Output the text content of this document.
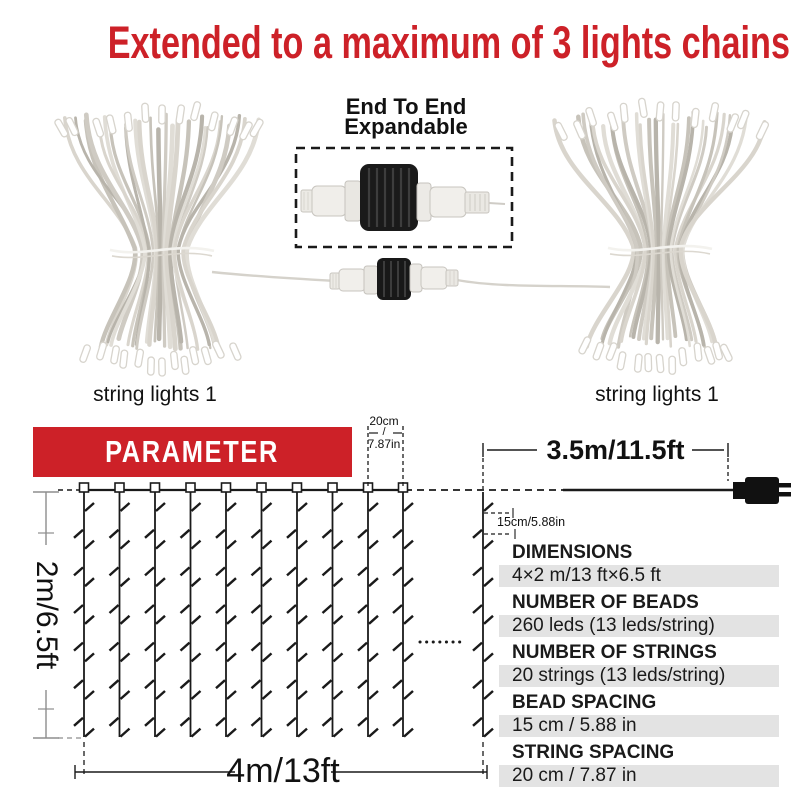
Extended to a maximum of 3 lights chains
End To End
Expandable
string lights 1	string lights 1
PARAMETER
20cm
/
7.87in	3.5m/11.5ft
15cm/5.88in
2m/6.5ft
4m/13ft
DIMENSIONS
4×2 m/13 ft×6.5 ft
NUMBER OF BEADS
260 leds (13 leds/string)
NUMBER OF STRINGS
20 strings (13 leds/string)
BEAD SPACING
15 cm / 5.88 in
STRING SPACING
20 cm / 7.87 in
